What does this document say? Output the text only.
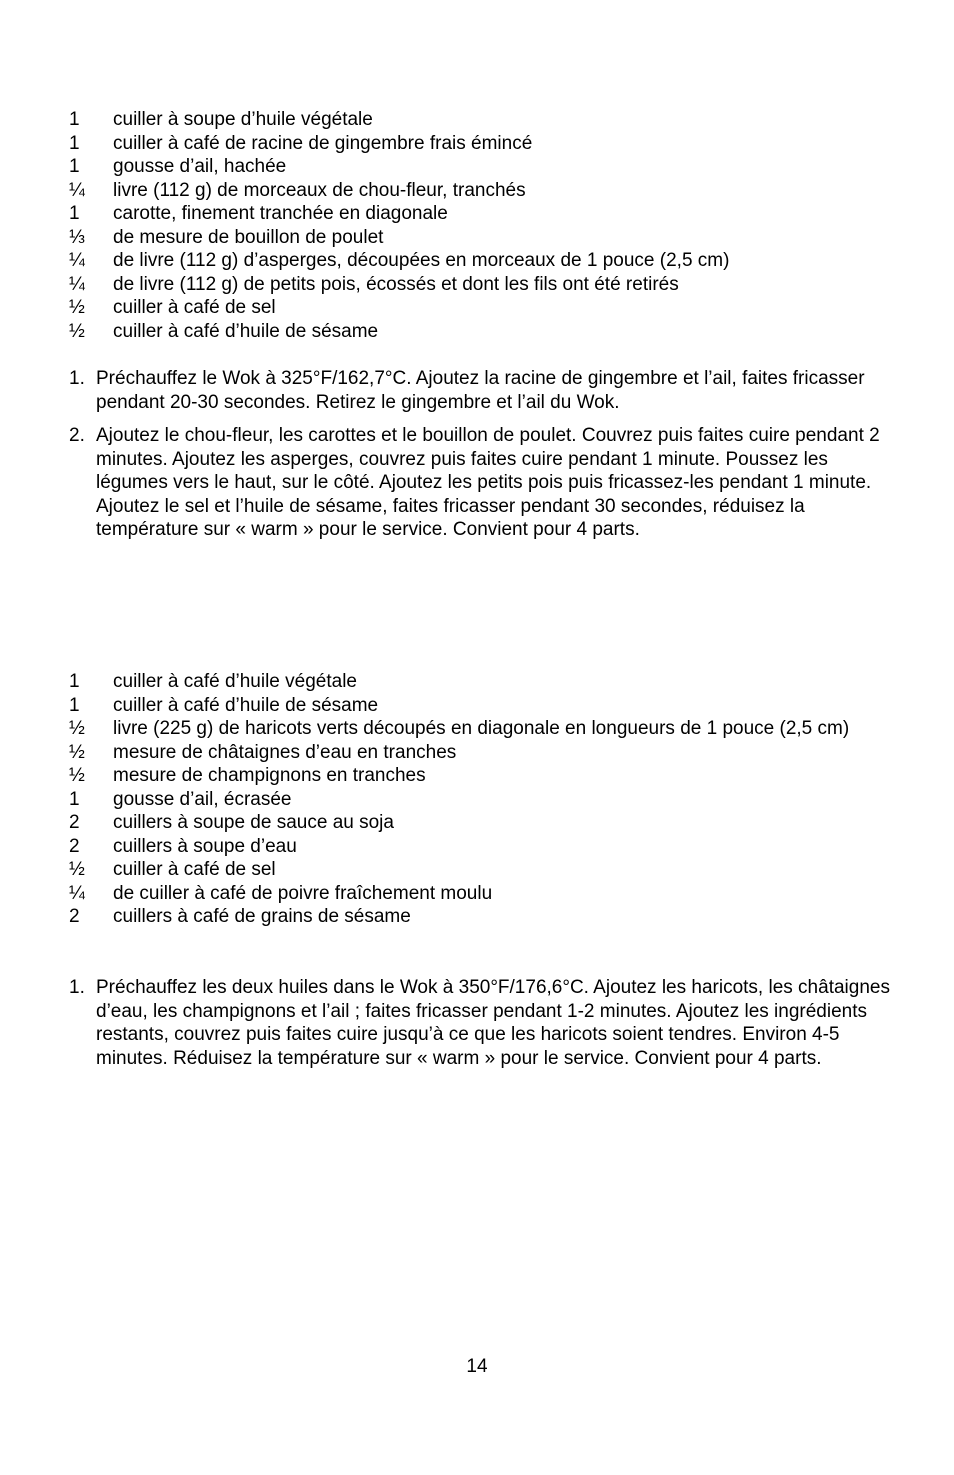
1	cuiller à soupe d’huile végétale
1	cuiller à café de racine de gingembre frais émincé
1	gousse d’ail, hachée
¼	livre (112 g) de morceaux de chou-fleur, tranchés
1	carotte, finement tranchée en diagonale
⅓	de mesure de bouillon de poulet
¼	de livre (112 g) d’asperges, découpées en morceaux de 1 pouce (2,5 cm)
¼	de livre (112 g) de petits pois, écossés et dont les fils ont été retirés
½	cuiller à café de sel
½	cuiller à café d’huile de sésame
1. Préchauffez le Wok à 325°F/162,7°C. Ajoutez la racine de gingembre et l’ail, faites fricasser pendant 20-30 secondes. Retirez le gingembre et l’ail du Wok.
2. Ajoutez le chou-fleur, les carottes et le bouillon de poulet. Couvrez puis faites cuire pendant 2 minutes. Ajoutez les asperges, couvrez puis faites cuire pendant 1 minute. Poussez les légumes vers le haut, sur le côté. Ajoutez les petits pois puis fricassez-les pendant 1 minute. Ajoutez le sel et l’huile de sésame, faites fricasser pendant 30 secondes, réduisez la température sur « warm » pour le service. Convient pour 4 parts.
1	cuiller à café d’huile végétale
1	cuiller à café d’huile de sésame
½ livre (225 g) de haricots verts découpés en diagonale en longueurs de 1 pouce (2,5 cm)
½	mesure de châtaignes d’eau en tranches
½	mesure de champignons en tranches
1	gousse d’ail, écrasée
2	cuillers à soupe de sauce au soja
2	cuillers à soupe d’eau
½	cuiller à café de sel
¼	de cuiller à café de poivre fraîchement moulu
2	cuillers à café de grains de sésame
1. Préchauffez les deux huiles dans le Wok à 350°F/176,6°C. Ajoutez les haricots, les châtaignes d’eau, les champignons et l’ail ; faites fricasser pendant 1-2 minutes. Ajoutez les ingrédients restants, couvrez puis faites cuire jusqu’à ce que les haricots soient tendres. Environ 4-5 minutes. Réduisez la température sur « warm » pour le service. Convient pour 4 parts.
14
